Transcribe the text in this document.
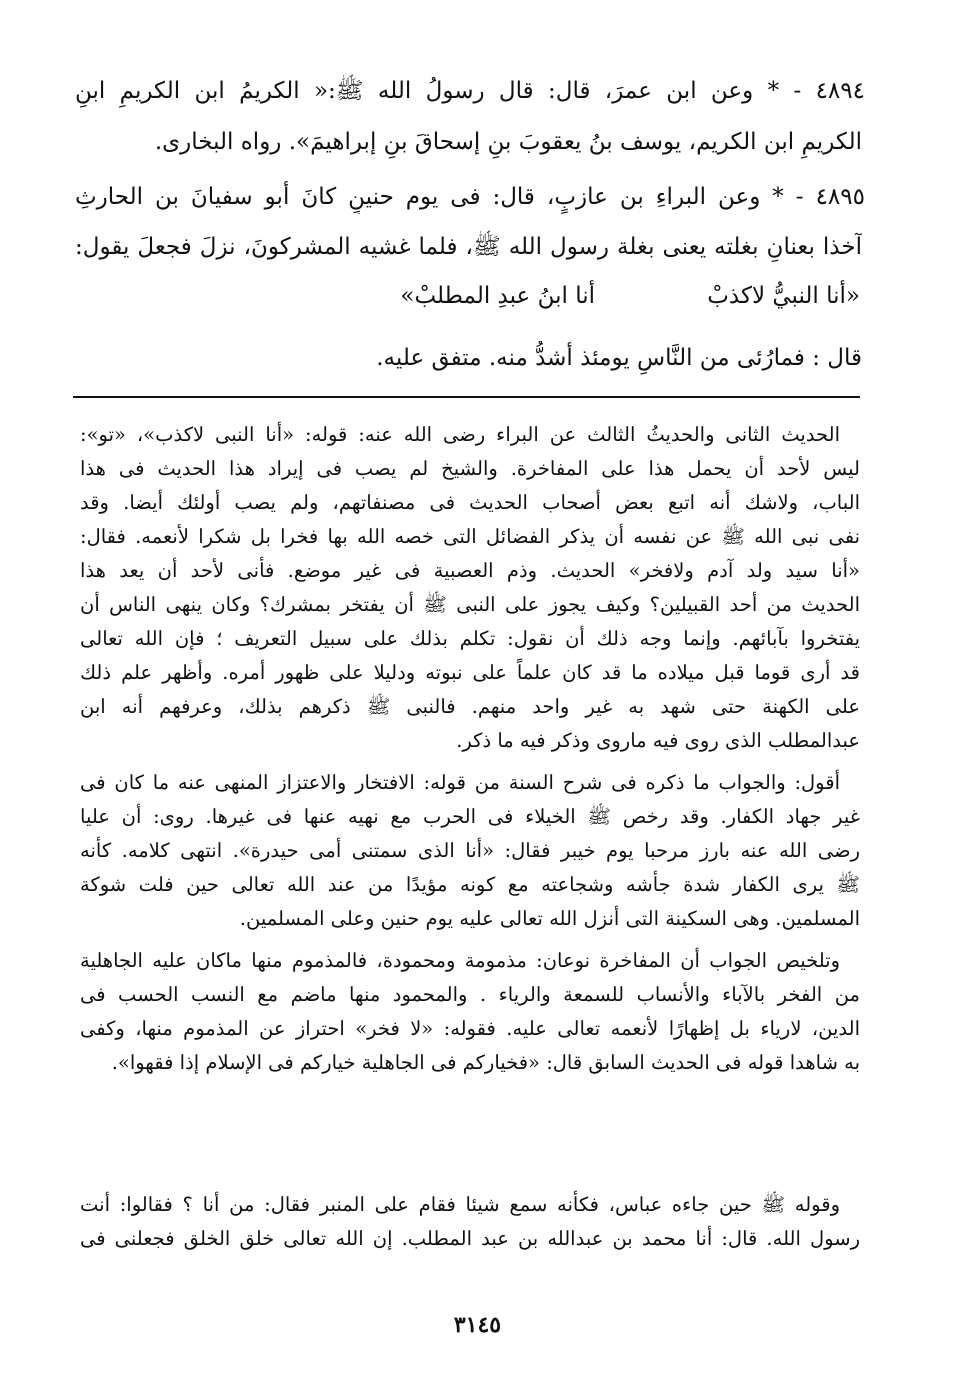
٤٨٩٤ - * وعن ابن عمرَ، قال: قال رسولُ الله ﷺ:« الكريمُ ابن الكريمِ ابنِ
الكريمِ ابن الكريم، يوسف بنُ يعقوبَ بنِ إسحاقَ بنِ إبراهيمَ». رواه البخارى.
٤٨٩٥ - * وعن البراءِ بن عازبٍ، قال: فى يوم حنينٍ كانَ أبو سفيانَ بن الحارثِ
آخذا بعنانِ بغلته يعنى بغلة رسول الله ﷺ، فلما غشيه المشركونَ، نزلَ فجعلَ يقول:
«أنا النبيُّ لاكذبْ
أنا ابنُ عبدِ المطلبْ»
قال : فمارُئى من النَّاسِ يومئذ أشدُّ منه. متفق عليه.
الحديث الثانى والحديثُ الثالث عن البراء رضى الله عنه: قوله: «أنا النبى لاكذب»، «تو»:
ليس لأحد أن يحمل هذا على المفاخرة. والشيخ لم يصب فى إيراد هذا الحديث فى هذا
الباب، ولاشك أنه اتبع بعض أصحاب الحديث فى مصنفاتهم، ولم يصب أولئك أيضا. وقد
نفى نبى الله ﷺ عن نفسه أن يذكر الفضائل التى خصه الله بها فخرا بل شكرا لأنعمه. فقال:
«أنا سيد ولد آدم ولافخر» الحديث. وذم العصبية فى غير موضع. فأنى لأحد أن يعد هذا
الحديث من أحد القبيلين؟ وكيف يجوز على النبى ﷺ أن يفتخر بمشرك؟ وكان ينهى الناس أن
يفتخروا بآبائهم. وإنما وجه ذلك أن نقول: تكلم بذلك على سبيل التعريف ؛ فإن الله تعالى
قد أرى قوما قبل ميلاده ما قد كان علماً على نبوته ودليلا على ظهور أمره. وأظهر علم ذلك
على الكهنة حتى شهد به غير واحد منهم. فالنبى ﷺ ذكرهم بذلك، وعرفهم أنه ابن
عبدالمطلب الذى روى فيه ماروى وذكر فيه ما ذكر.
أقول: والجواب ما ذكره فى شرح السنة من قوله: الافتخار والاعتزاز المنهى عنه ما كان فى
غير جهاد الكفار. وقد رخص ﷺ الخيلاء فى الحرب مع نهيه عنها فى غيرها. روى: أن عليا
رضى الله عنه بارز مرحبا يوم خيبر فقال: «أنا الذى سمتنى أمى حيدرة». انتهى كلامه. كأنه
ﷺ يرى الكفار شدة جأشه وشجاعته مع كونه مؤيدًا من عند الله تعالى حين فلت شوكة
المسلمين. وهى السكينة التى أنزل الله تعالى عليه يوم حنين وعلى المسلمين.
وتلخيص الجواب أن المفاخرة نوعان: مذمومة ومحمودة، فالمذموم منها ماكان عليه الجاهلية
من الفخر بالآباء والأنساب للسمعة والرياء . والمحمود منها ماضم مع النسب الحسب فى
الدين، لارياء بل إظهارًا لأنعمه تعالى عليه. فقوله: «لا فخر» احتراز عن المذموم منها، وكفى
به شاهدا قوله فى الحديث السابق قال: «فخياركم فى الجاهلية خياركم فى الإسلام إذا فقهوا».
وقوله ﷺ حين جاءه عباس، فكأنه سمع شيئا فقام على المنبر فقال: من أنا ؟ فقالوا: أنت
رسول الله. قال: أنا محمد بن عبدالله بن عبد المطلب. إن الله تعالى خلق الخلق فجعلنى فى
٣١٤٥
